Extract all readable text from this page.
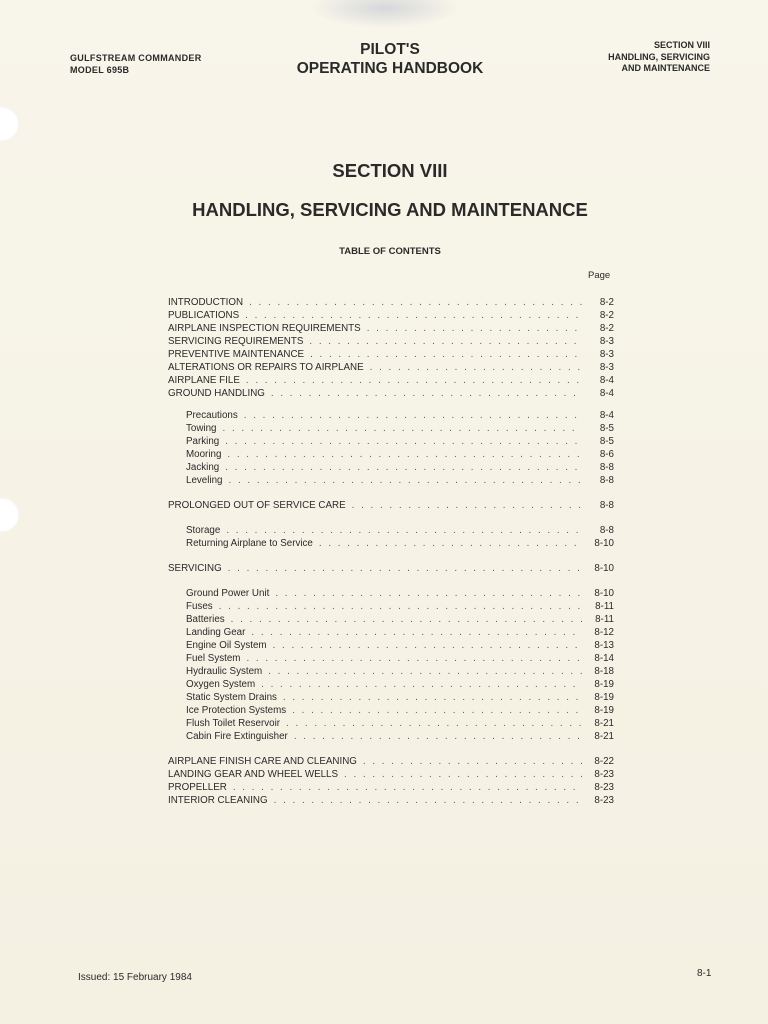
GULFSTREAM COMMANDER
MODEL 695B
PILOT'S
OPERATING HANDBOOK
SECTION VIII
HANDLING, SERVICING
AND MAINTENANCE
SECTION VIII
HANDLING, SERVICING AND MAINTENANCE
TABLE OF CONTENTS
Page
INTRODUCTION . . .	8-2
PUBLICATIONS . . .	8-2
AIRPLANE INSPECTION REQUIREMENTS . . .	8-2
SERVICING REQUIREMENTS . . .	8-3
PREVENTIVE MAINTENANCE . . .	8-3
ALTERATIONS OR REPAIRS TO AIRPLANE . . .	8-3
AIRPLANE FILE . . .	8-4
GROUND HANDLING . . .	8-4
Precautions . . .	8-4
Towing . . .	8-5
Parking . . .	8-5
Mooring . . .	8-6
Jacking . . .	8-8
Leveling . . .	8-8
PROLONGED OUT OF SERVICE CARE . . .	8-8
Storage . . .	8-8
Returning Airplane to Service . . .	8-10
SERVICING . . .	8-10
Ground Power Unit . . .	8-10
Fuses . . .	8-11
Batteries . . .	8-11
Landing Gear . . .	8-12
Engine Oil System . . .	8-13
Fuel System . . .	8-14
Hydraulic System . . .	8-18
Oxygen System . . .	8-19
Static System Drains . . .	8-19
Ice Protection Systems . . .	8-19
Flush Toilet Reservoir . . .	8-21
Cabin Fire Extinguisher . . .	8-21
AIRPLANE FINISH CARE AND CLEANING . . .	8-22
LANDING GEAR AND WHEEL WELLS . . .	8-23
PROPELLER . . .	8-23
INTERIOR CLEANING . . .	8-23
Issued: 15 February 1984	8-1
